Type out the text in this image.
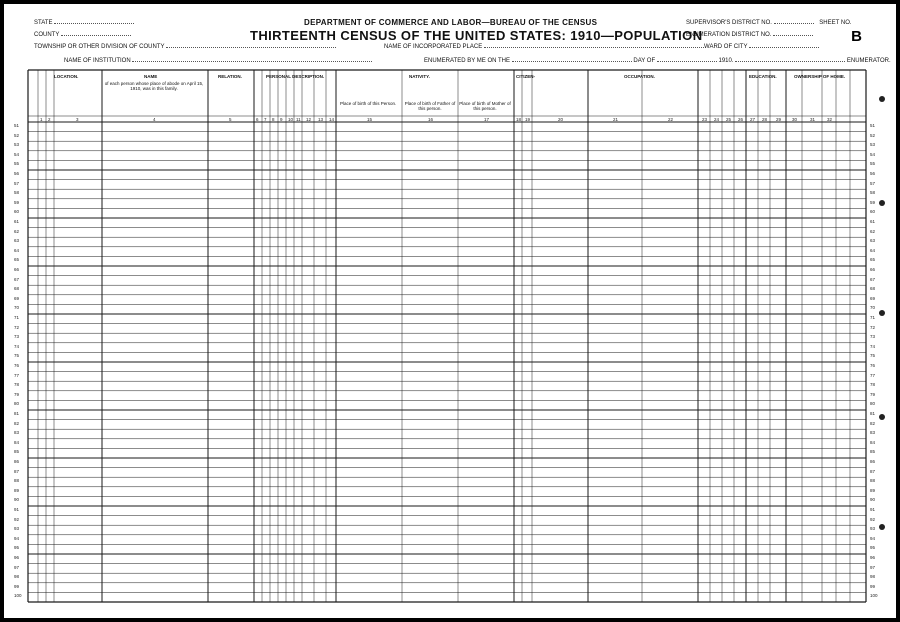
DEPARTMENT OF COMMERCE AND LABOR—BUREAU OF THE CENSUS
THIRTEENTH CENSUS OF THE UNITED STATES: 1910—POPULATION
STATE
COUNTY
TOWNSHIP OR OTHER DIVISION OF COUNTY	NAME OF INCORPORATED PLACE
NAME OF INSTITUTION	ENUMERATED BY ME ON THE	DAY OF	1910.	ENUMERATOR.
SUPERVISOR'S DISTRICT NO.	SHEET NO.
ENUMERATION DISTRICT NO.
WARD OF CITY
B
LOCATION.	NAME
of each person whose place of abode on April 15, 1910, was in this family.
RELATION.	PERSONAL DESCRIPTION.	NATIVITY.
Place of birth of this Person.	Place of birth of Father of this person.
Place of birth of Mother of this person.
CITIZEN-	OCCUPATION.	EDUCATION.	OWNERSHIP OF HOME.
51	51
52	52
53	53
54	54
55	55
56	56
57	57
58	58
59	59
60	60
61	61
62	62
63	63
64	64
65	65
66	66
67	67
68	68
69	69
70	70
71	71
72	72
73	73
74	74
75	75
76	76
77	77
78	78
79	79
80	80
81	81
82	82
83	83
84	84
85	85
86	86
87	87
88	88
89	89
90	90
91	91
92	92
93	93
94	94
95	95
96	96
97	97
98	98
99	99
100	100
1 2	3	4	5	6 7 8 9 10 11 12 13 14	15	16	17	18 19	20	21	22	23 24 25 26 27 28 29 30	31	32
